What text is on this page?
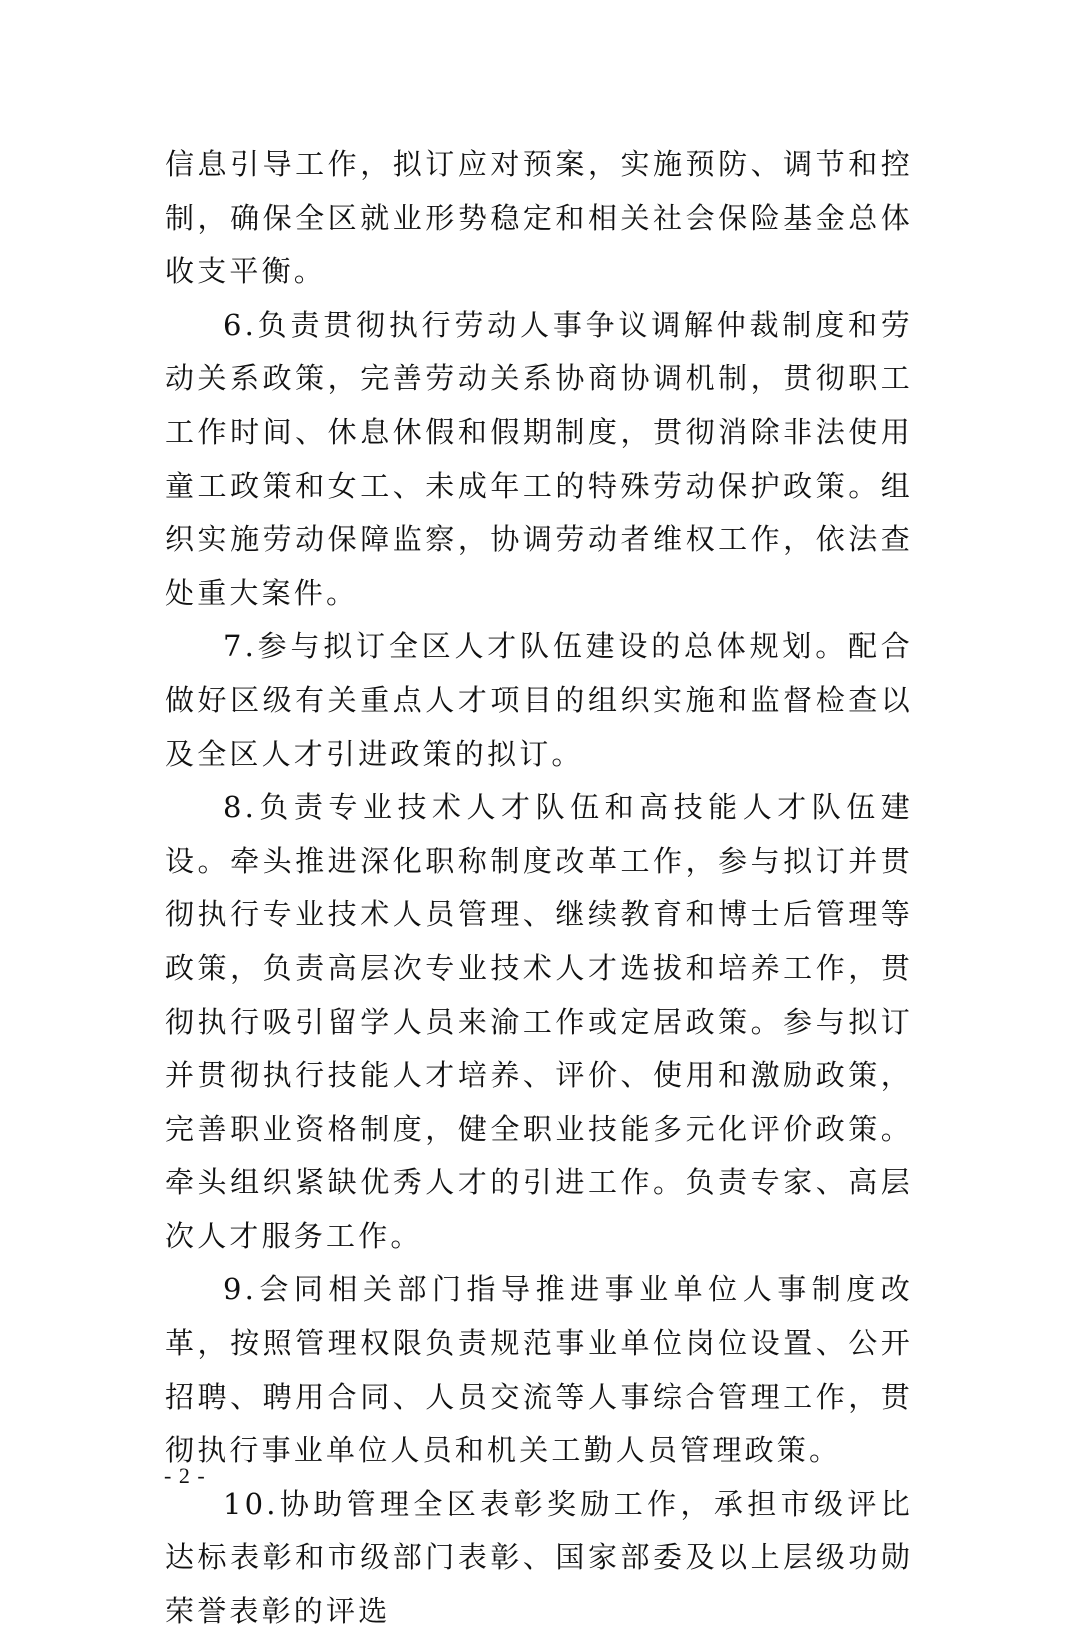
信息引导工作，拟订应对预案，实施预防、调节和控制，确保全区就业形势稳定和相关社会保险基金总体收支平衡。

6.负责贯彻执行劳动人事争议调解仲裁制度和劳动关系政策，完善劳动关系协商协调机制，贯彻职工工作时间、休息休假和假期制度，贯彻消除非法使用童工政策和女工、未成年工的特殊劳动保护政策。组织实施劳动保障监察，协调劳动者维权工作，依法查处重大案件。

7.参与拟订全区人才队伍建设的总体规划。配合做好区级有关重点人才项目的组织实施和监督检查以及全区人才引进政策的拟订。

8.负责专业技术人才队伍和高技能人才队伍建设。牵头推进深化职称制度改革工作，参与拟订并贯彻执行专业技术人员管理、继续教育和博士后管理等政策，负责高层次专业技术人才选拔和培养工作，贯彻执行吸引留学人员来渝工作或定居政策。参与拟订并贯彻执行技能人才培养、评价、使用和激励政策，完善职业资格制度，健全职业技能多元化评价政策。牵头组织紧缺优秀人才的引进工作。负责专家、高层次人才服务工作。

9.会同相关部门指导推进事业单位人事制度改革，按照管理权限负责规范事业单位岗位设置、公开招聘、聘用合同、人员交流等人事综合管理工作，贯彻执行事业单位人员和机关工勤人员管理政策。

10.协助管理全区表彰奖励工作，承担市级评比达标表彰和市级部门表彰、国家部委及以上层级功勋荣誉表彰的评选

- 2 -
